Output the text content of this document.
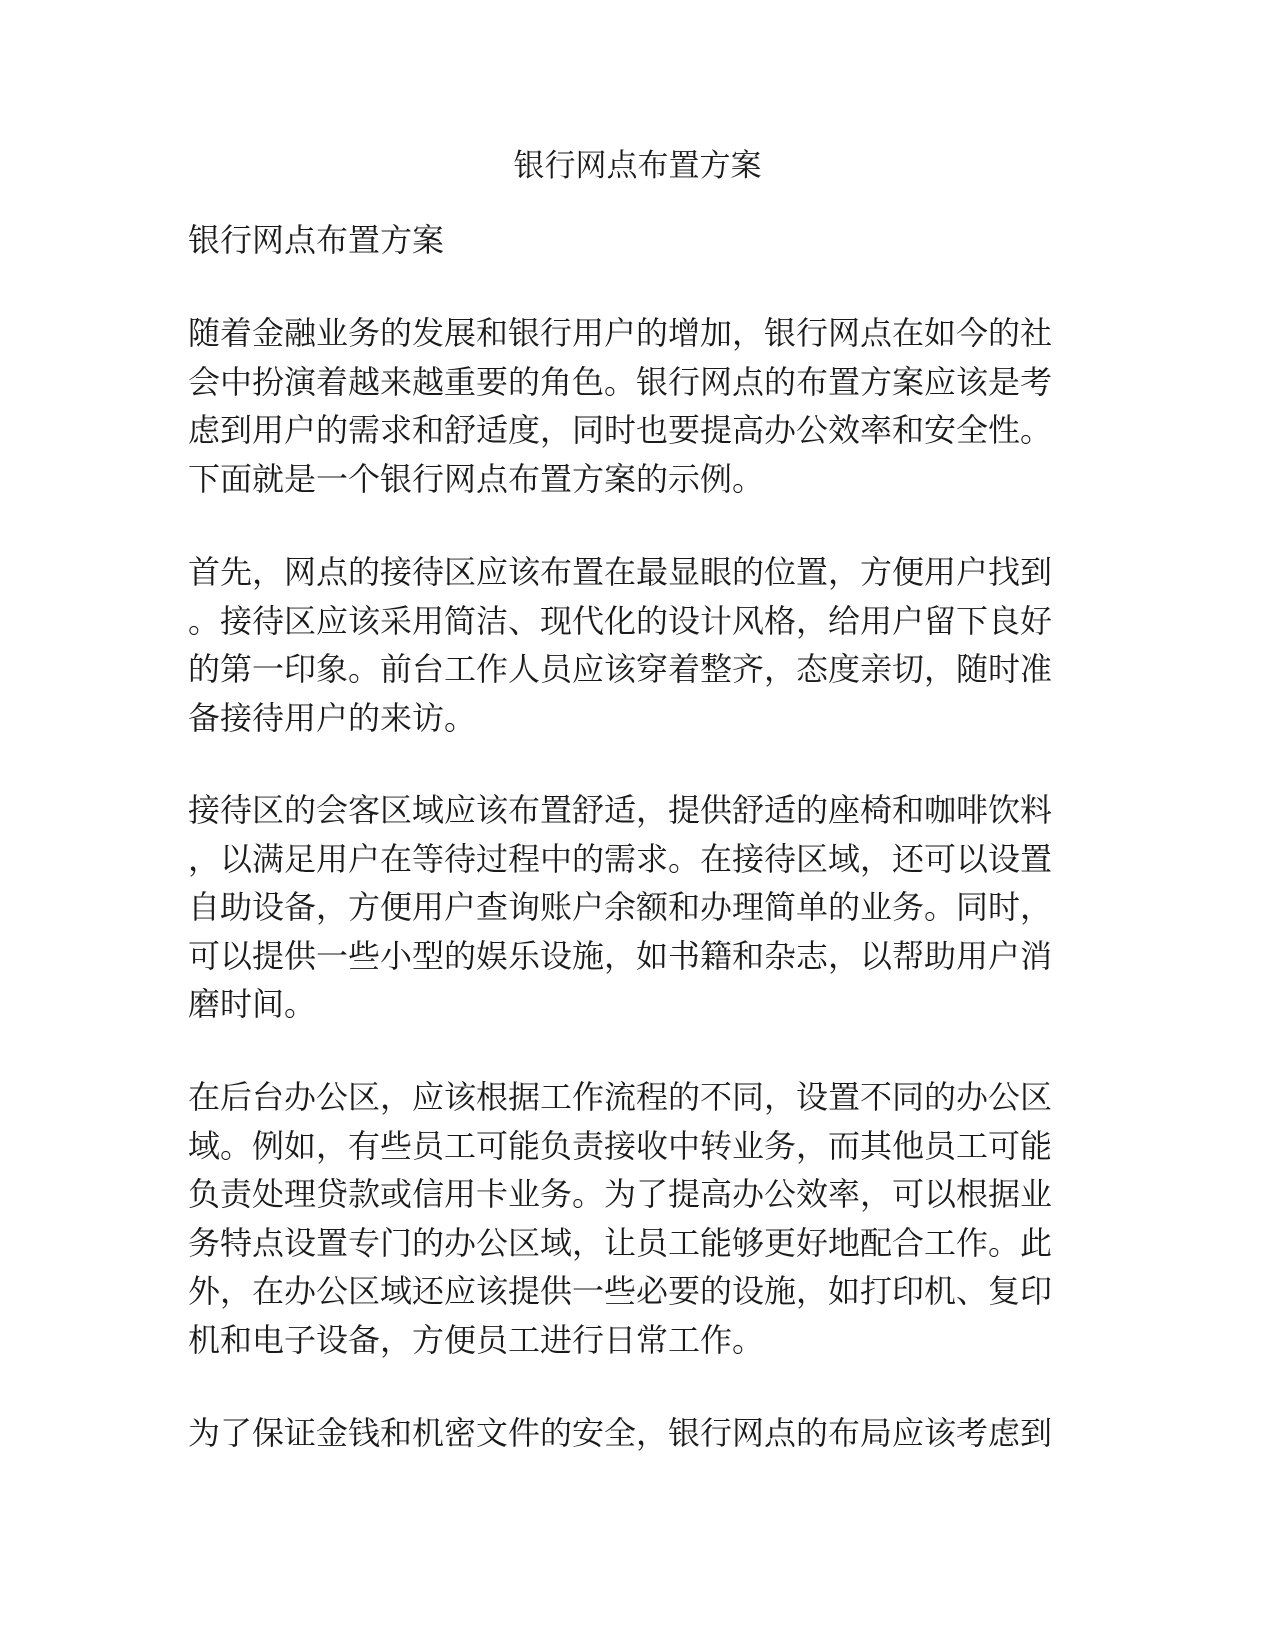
银行网点布置方案
银行网点布置方案
随着金融业务的发展和银行用户的增加，银行网点在如今的社
会中扮演着越来越重要的角色。银行网点的布置方案应该是考
虑到用户的需求和舒适度，同时也要提高办公效率和安全性。
下面就是一个银行网点布置方案的示例。
首先，网点的接待区应该布置在最显眼的位置，方便用户找到
。接待区应该采用简洁、现代化的设计风格，给用户留下良好
的第一印象。前台工作人员应该穿着整齐，态度亲切，随时准
备接待用户的来访。
接待区的会客区域应该布置舒适，提供舒适的座椅和咖啡饮料
，以满足用户在等待过程中的需求。在接待区域，还可以设置
自助设备，方便用户查询账户余额和办理简单的业务。同时，
可以提供一些小型的娱乐设施，如书籍和杂志，以帮助用户消
磨时间。
在后台办公区，应该根据工作流程的不同，设置不同的办公区
域。例如，有些员工可能负责接收中转业务，而其他员工可能
负责处理贷款或信用卡业务。为了提高办公效率，可以根据业
务特点设置专门的办公区域，让员工能够更好地配合工作。此
外，在办公区域还应该提供一些必要的设施，如打印机、复印
机和电子设备，方便员工进行日常工作。
为了保证金钱和机密文件的安全，银行网点的布局应该考虑到
